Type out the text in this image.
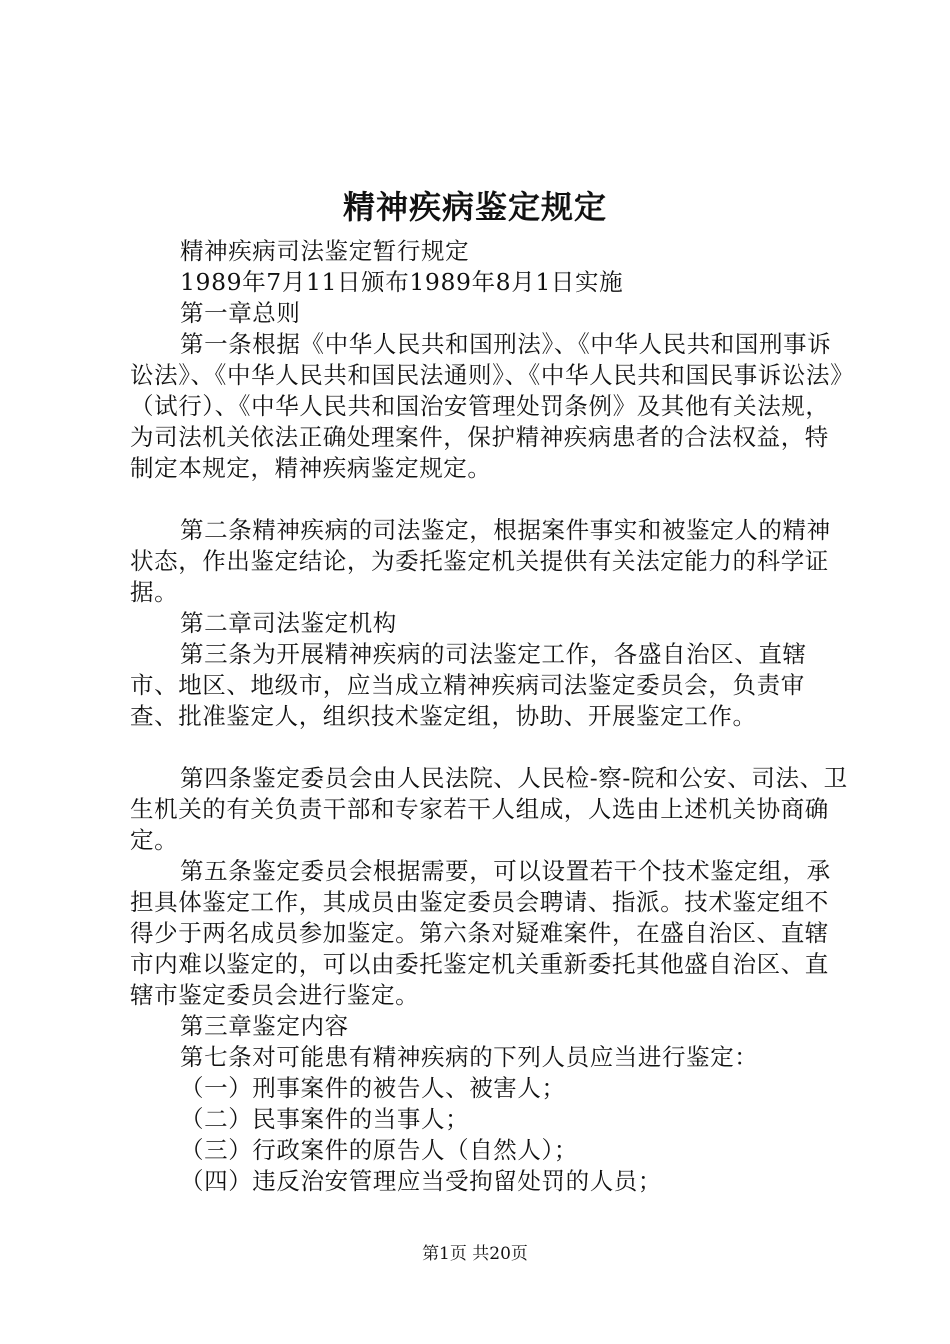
精神疾病鉴定规定

精神疾病司法鉴定暂行规定

1989年7月11日颁布1989年8月1日实施

第一章总则

第一条根据《中华人民共和国刑法》、《中华人民共和国刑事诉讼法》、《中华人民共和国民法通则》、《中华人民共和国民事诉讼法》（试行）、《中华人民共和国治安管理处罚条例》及其他有关法规，为司法机关依法正确处理案件，保护精神疾病患者的合法权益，特制定本规定，精神疾病鉴定规定。

第二条精神疾病的司法鉴定，根据案件事实和被鉴定人的精神状态，作出鉴定结论，为委托鉴定机关提供有关法定能力的科学证据。

第二章司法鉴定机构

第三条为开展精神疾病的司法鉴定工作，各盛自治区、直辖市、地区、地级市，应当成立精神疾病司法鉴定委员会，负责审查、批准鉴定人，组织技术鉴定组，协助、开展鉴定工作。

第四条鉴定委员会由人民法院、人民检-察-院和公安、司法、卫生机关的有关负责干部和专家若干人组成，人选由上述机关协商确定。

第五条鉴定委员会根据需要，可以设置若干个技术鉴定组，承担具体鉴定工作，其成员由鉴定委员会聘请、指派。技术鉴定组不得少于两名成员参加鉴定。第六条对疑难案件，在盛自治区、直辖市内难以鉴定的，可以由委托鉴定机关重新委托其他盛自治区、直辖市鉴定委员会进行鉴定。

第三章鉴定内容

第七条对可能患有精神疾病的下列人员应当进行鉴定：

（一）刑事案件的被告人、被害人；

（二）民事案件的当事人；

（三）行政案件的原告人（自然人）；

（四）违反治安管理应当受拘留处罚的人员；

第1页 共20页
